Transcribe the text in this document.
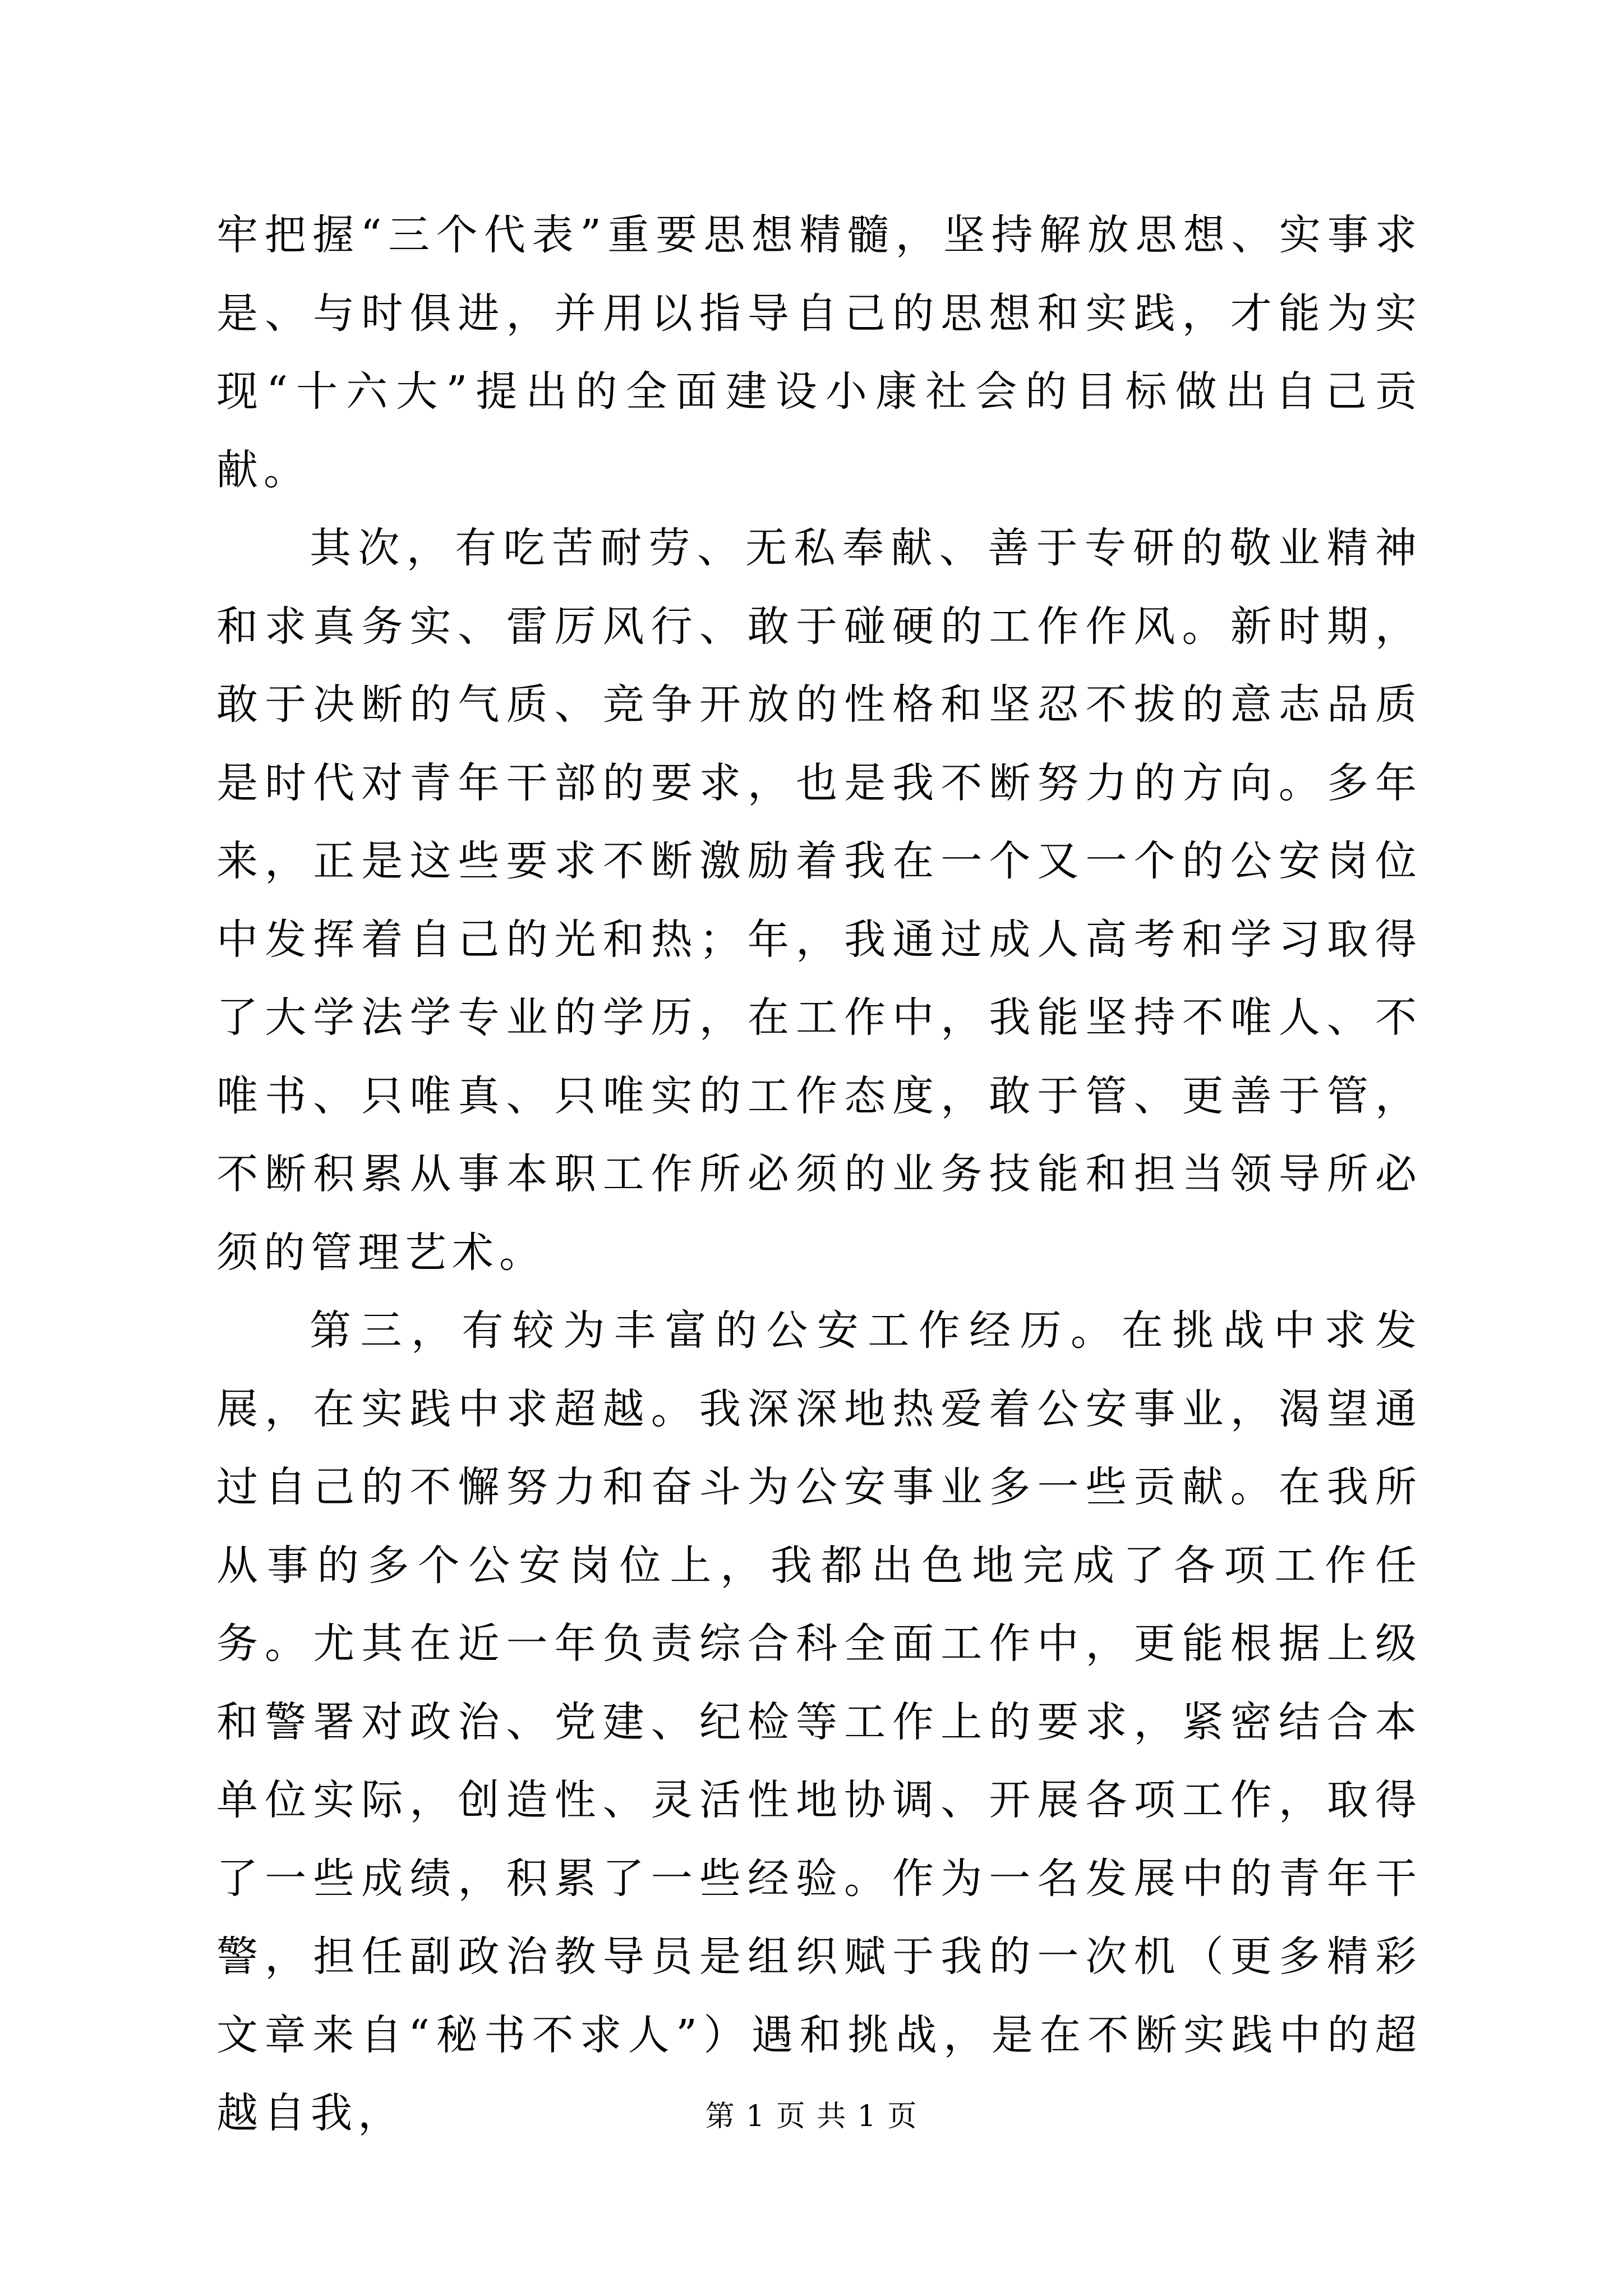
牢把握“三个代表”重要思想精髓，坚持解放思想、实事求是、与时俱进，并用以指导自己的思想和实践，才能为实现“十六大”提出的全面建设小康社会的目标做出自己贡献。

其次，有吃苦耐劳、无私奉献、善于专研的敬业精神和求真务实、雷厉风行、敢于碰硬的工作作风。新时期，敢于决断的气质、竞争开放的性格和坚忍不拔的意志品质是时代对青年干部的要求，也是我不断努力的方向。多年来，正是这些要求不断激励着我在一个又一个的公安岗位中发挥着自己的光和热；年，我通过成人高考和学习取得了大学法学专业的学历，在工作中，我能坚持不唯人、不唯书、只唯真、只唯实的工作态度，敢于管、更善于管，不断积累从事本职工作所必须的业务技能和担当领导所必须的管理艺术。

第三，有较为丰富的公安工作经历。在挑战中求发展，在实践中求超越。我深深地热爱着公安事业，渴望通过自己的不懈努力和奋斗为公安事业多一些贡献。在我所从事的多个公安岗位上，我都出色地完成了各项工作任务。尤其在近一年负责综合科全面工作中，更能根据上级和警署对政治、党建、纪检等工作上的要求，紧密结合本单位实际，创造性、灵活性地协调、开展各项工作，取得了一些成绩，积累了一些经验。作为一名发展中的青年干警，担任副政治教导员是组织赋于我的一次机（更多精彩文章来自“秘书不求人”）遇和挑战，是在不断实践中的超越自我，	第 1 页 共 1 页
